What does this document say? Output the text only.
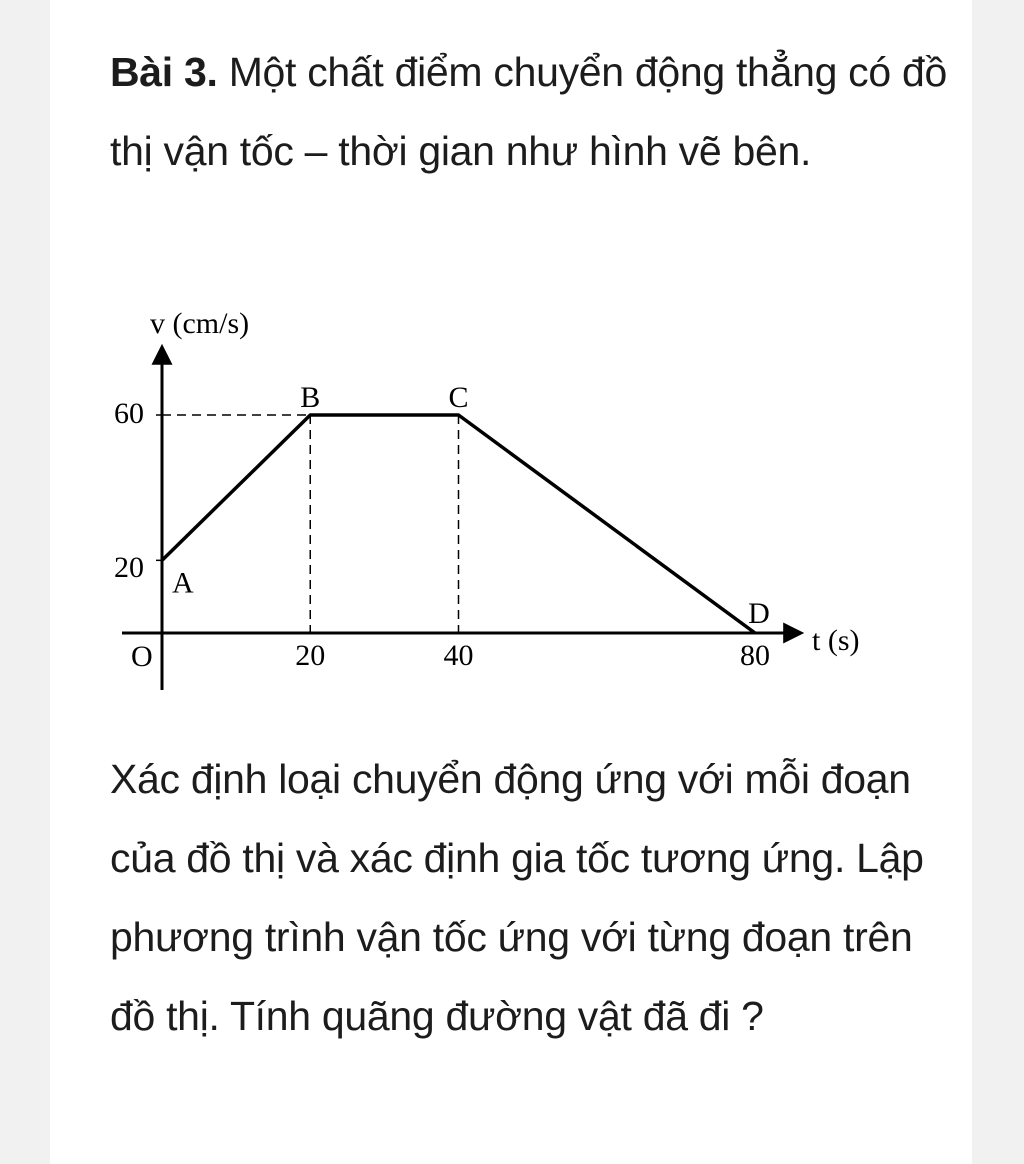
Bài 3. Một chất điểm chuyển động thẳng có đồ thị vận tốc – thời gian như hình vẽ bên.

Xác định loại chuyển động ứng với mỗi đoạn của đồ thị và xác định gia tốc tương ứng. Lập phương trình vận tốc ứng với từng đoạn trên đồ thị. Tính quãng đường vật đã đi ?

v (cm/s)
t (s)
O
60
20
20	40	80
A
B	C
D
